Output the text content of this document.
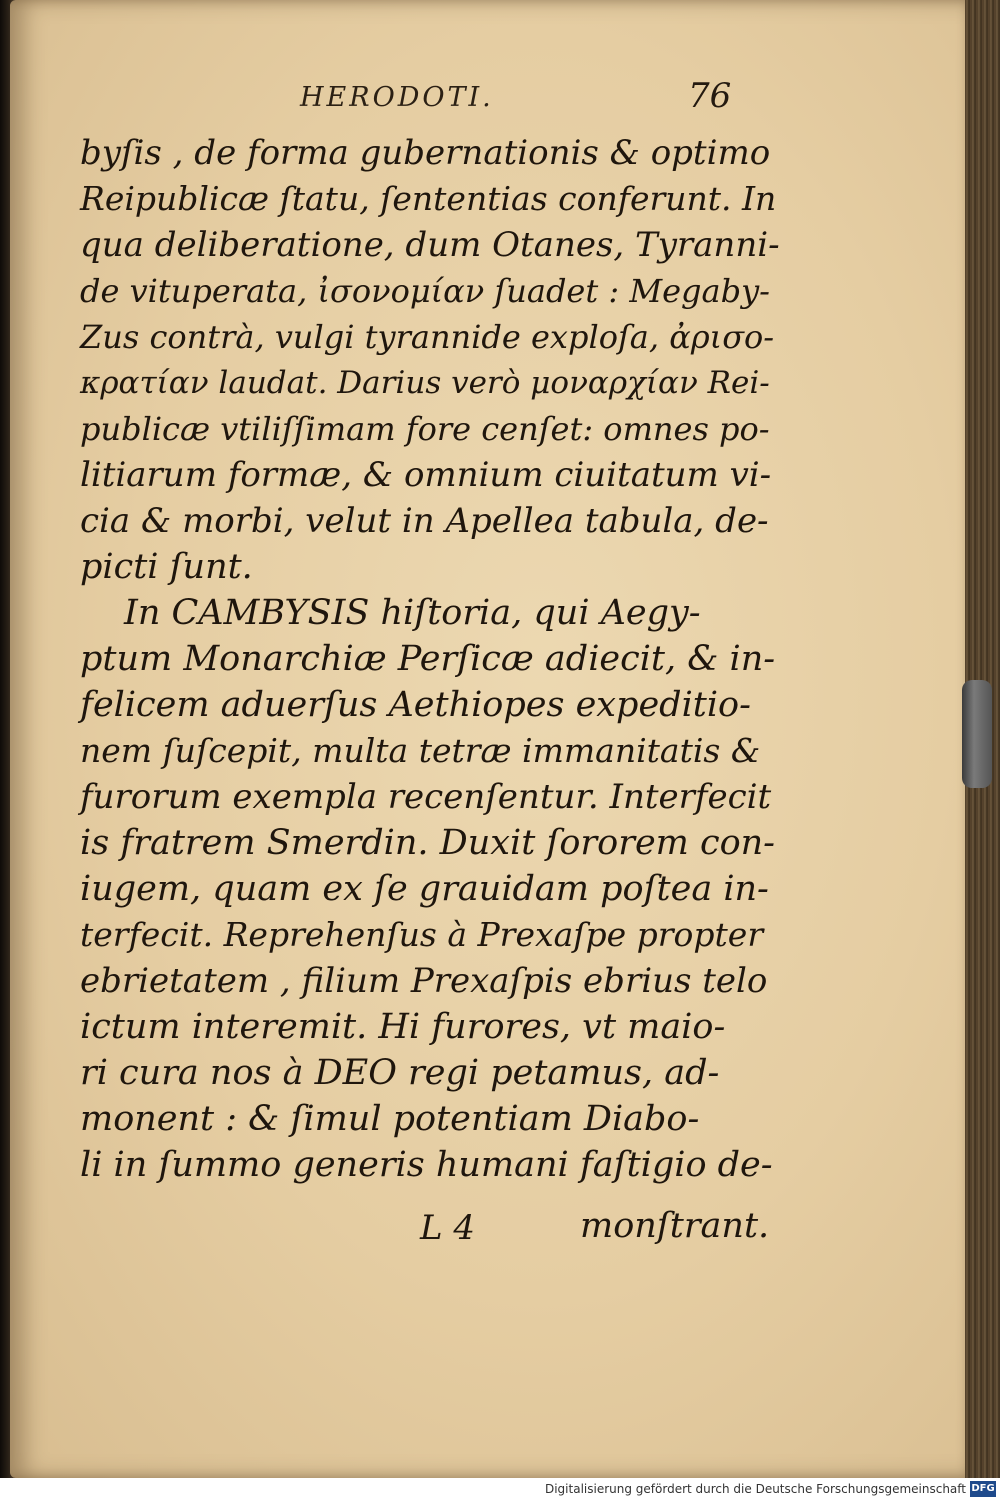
HERODOTI.	76
byſis , de forma gubernationis & optimo
Reipublicæ ſtatu, ſententias conferunt. In
qua deliberatione, dum Otanes, Tyranni-
de vituperata, ἰσονομίαν ſuadet : Megaby-
Zus contrà, vulgi tyrannide exploſa, ἀρισο-
κρατίαν laudat. Darius verò μοναρχίαν Rei-
publicæ vtiliſſimam fore cenſet: omnes po-
litiarum formæ, & omnium ciuitatum vi-
cia & morbi, velut in Apellea tabula, de-
picti ſunt.
In CAMBYSIS hiſtoria, qui Aegy-
ptum Monarchiæ Perſicæ adiecit, & in-
felicem aduerſus Aethiopes expeditio-
nem ſuſcepit, multa tetræ immanitatis &
furorum exempla recenſentur. Interfecit
is fratrem Smerdin. Duxit ſororem con-
iugem, quam ex ſe grauidam poſtea in-
terfecit. Reprehenſus à Prexaſpe propter
ebrietatem , filium Prexaſpis ebrius telo
ictum interemit. Hi furores, vt maio-
ri cura nos à DEO regi petamus, ad-
monent : & ſimul potentiam Diabo-
li in ſummo generis humani faſtigio de-
L 4	monſtrant.
Digitalisierung gefördert durch die Deutsche Forschungsgemeinschaft DFG
